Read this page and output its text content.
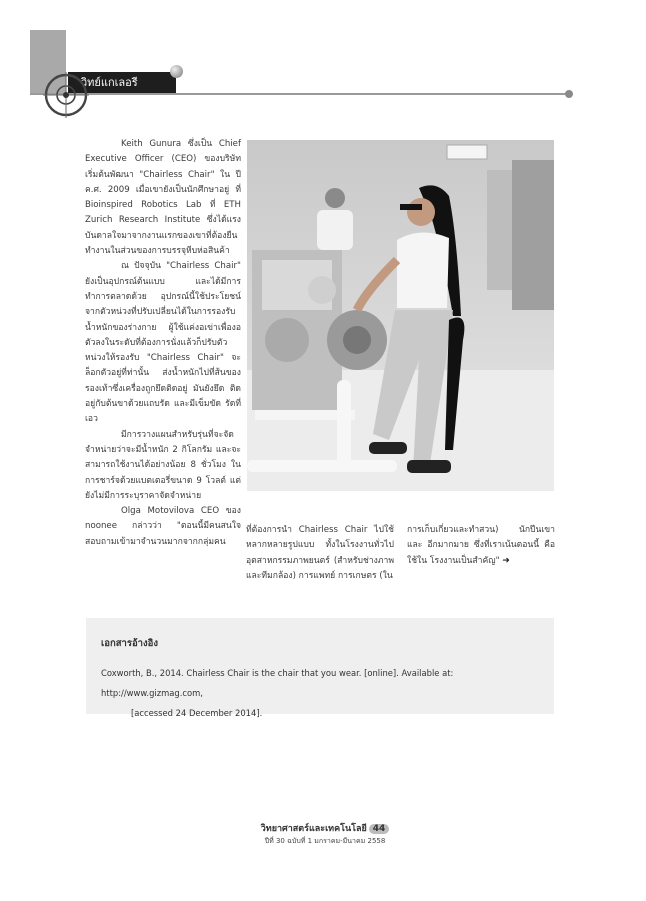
วิทย์แกเลอรี

Keith Gunura ซึ่งเป็น Chief Executive Officer (CEO) ของบริษัท เริ่มต้นพัฒนา "Chairless Chair" ใน ปี ค.ศ. 2009 เมื่อเขายังเป็นนักศึกษาอยู่ ที่ Bioinspired Robotics Lab ที่ ETH Zurich Research Institute ซึ่งได้แรง บันดาลใจมาจากงานแรกของเขาที่ต้องยืน ทำงานในส่วนของการบรรจุหีบห่อสินค้า

ณ ปัจจุบัน "Chairless Chair" ยังเป็นอุปกรณ์ต้นแบบ และได้มีการ ทำการตลาดด้วย อุปกรณ์นี้ใช้ประโยชน์ จากตัวหน่วงที่ปรับเปลี่ยนได้ในการรองรับ น้ำหนักของร่างกาย ผู้ใช้แค่งอเข่าเพื่องอ ตัวลงในระดับที่ต้องการนั่งแล้วก็ปรับตัว หน่วงให้รองรับ "Chairless Chair" จะ ล็อกตัวอยู่ที่ท่านั้น ส่งน้ำหนักไปที่ส้นของ รองเท้าซึ่งเครื่องถูกยึดติดอยู่ มันยังยึด ติดอยู่กับต้นขาด้วยแถบรัด และมีเข็มขัด รัดที่เอว

มีการวางแผนสำหรับรุ่นที่จะจัด จำหน่ายว่าจะมีน้ำหนัก 2 กิโลกรัม และจะ สามารถใช้งานได้อย่างน้อย 8 ชั่วโมง ใน การชาร์จด้วยแบตเตอรี่ขนาด 9 โวลต์ แต่ ยังไม่มีการระบุราคาจัดจำหน่าย

Olga Motovilova CEO ของ noonee กล่าวว่า "ตอนนี้มีคนสนใจ สอบถามเข้ามาจำนวนมากจากกลุ่มคน

ที่ต้องการนำ Chairless Chair ไปใช้ หลากหลายรูปแบบ ทั้งในโรงงานทั่วไป อุตสาหกรรมภาพยนตร์ (สำหรับช่างภาพ และทีมกล้อง) การแพทย์ การเกษตร (ใน

การเก็บเกี่ยวและทำสวน) นักปีนเขา และ อีกมากมาย ซึ่งที่เราเน้นตอนนี้ คือ ใช้ใน โรงงานเป็นสำคัญ" ➜

เอกสารอ้างอิง
Coxworth, B., 2014. Chairless Chair is the chair that you wear. [online]. Available at: http://www.gizmag.com,
[accessed 24 December 2014].
วิทยาศาสตร์และเทคโนโลยี 44
ปีที่ 30 ฉบับที่ 1 มกราคม-มีนาคม 2558
